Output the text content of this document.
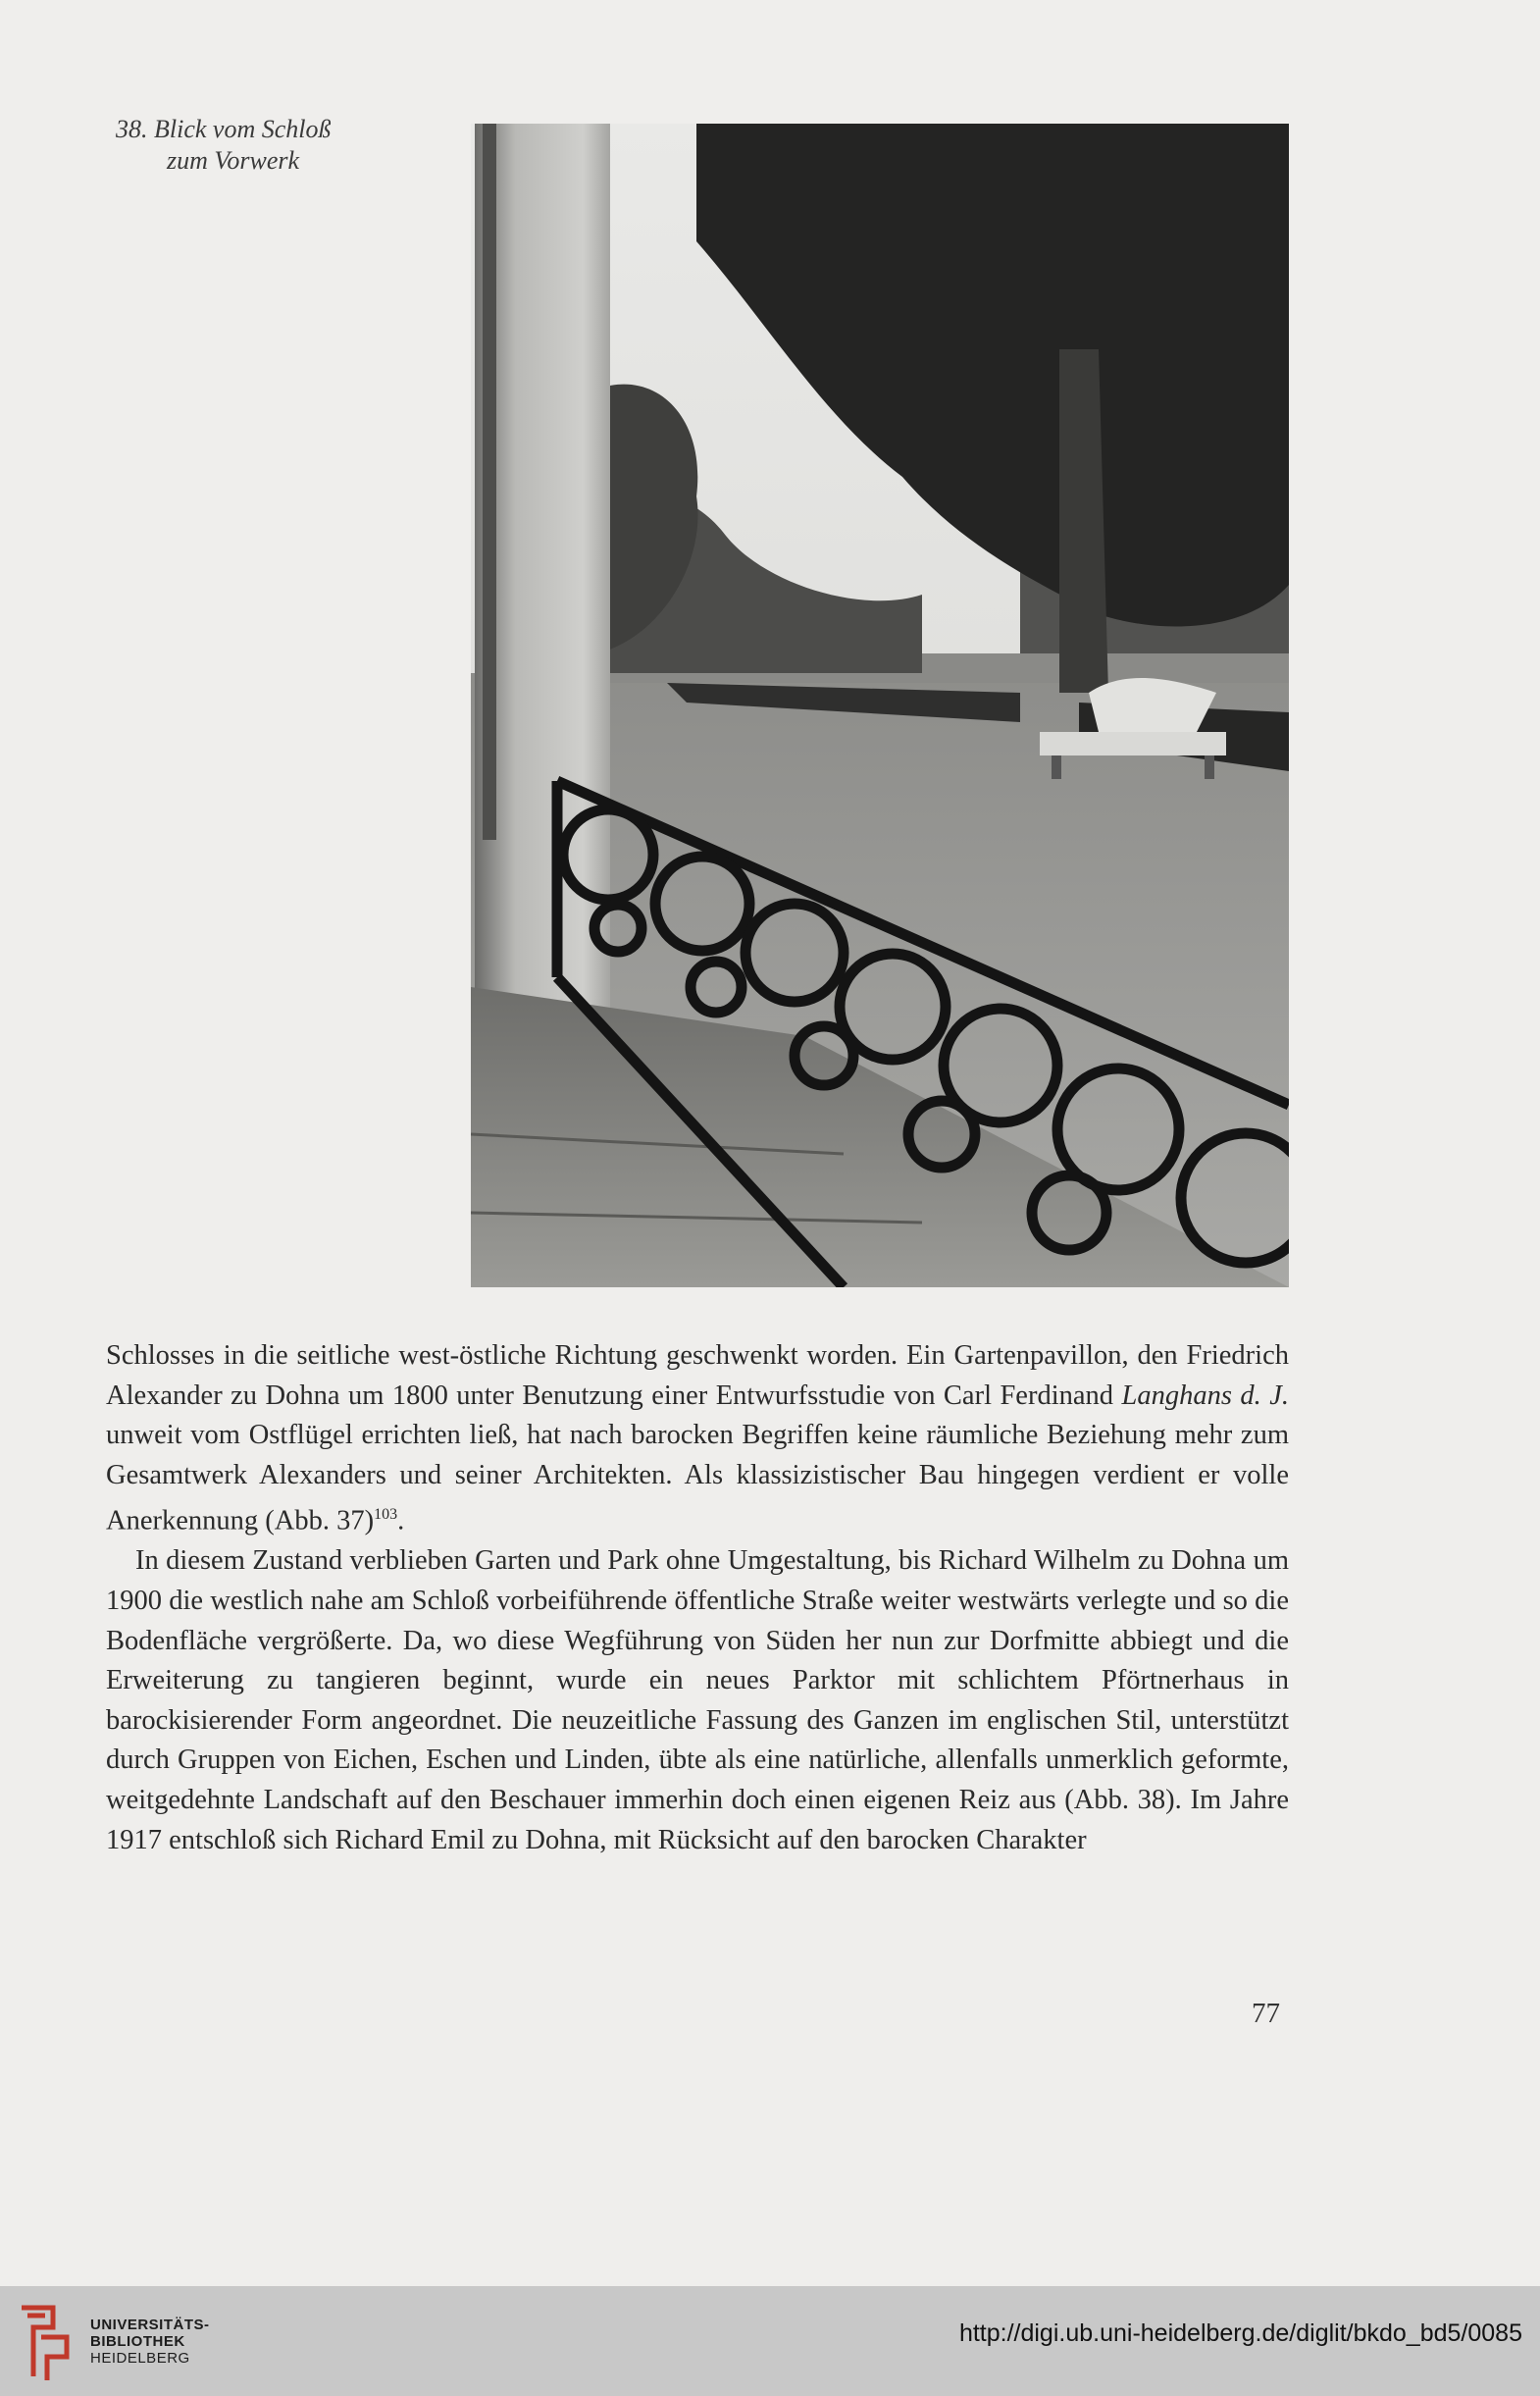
38. Blick vom Schloß
zum Vorwerk

Schlosses in die seitliche west-östliche Richtung geschwenkt worden. Ein Gartenpavillon, den Friedrich Alexander zu Dohna um 1800 unter Benutzung einer Entwurfsstudie von Carl Ferdinand Langhans d. J. unweit vom Ostflügel errichten ließ, hat nach barocken Begriffen keine räumliche Beziehung mehr zum Gesamtwerk Alexanders und seiner Architekten. Als klassizistischer Bau hingegen verdient er volle Anerkennung (Abb. 37)$^{103}$.

In diesem Zustand verblieben Garten und Park ohne Umgestaltung, bis Richard Wilhelm zu Dohna um 1900 die westlich nahe am Schloß vorbeiführende öffentliche Straße weiter westwärts verlegte und so die Bodenfläche vergrößerte. Da, wo diese Wegführung von Süden her nun zur Dorfmitte abbiegt und die Erweiterung zu tangieren beginnt, wurde ein neues Parktor mit schlichtem Pförtnerhaus in barockisierender Form angeordnet. Die neuzeitliche Fassung des Ganzen im englischen Stil, unterstützt durch Gruppen von Eichen, Eschen und Linden, übte als eine natürliche, allenfalls unmerklich geformte, weitgedehnte Landschaft auf den Beschauer immerhin doch einen eigenen Reiz aus (Abb. 38). Im Jahre 1917 entschloß sich Richard Emil zu Dohna, mit Rücksicht auf den barocken Charakter

77
UNIVERSITÄTS-
BIBLIOTHEK
HEIDELBERG
http://digi.ub.uni-heidelberg.de/diglit/bkdo_bd5/0085
